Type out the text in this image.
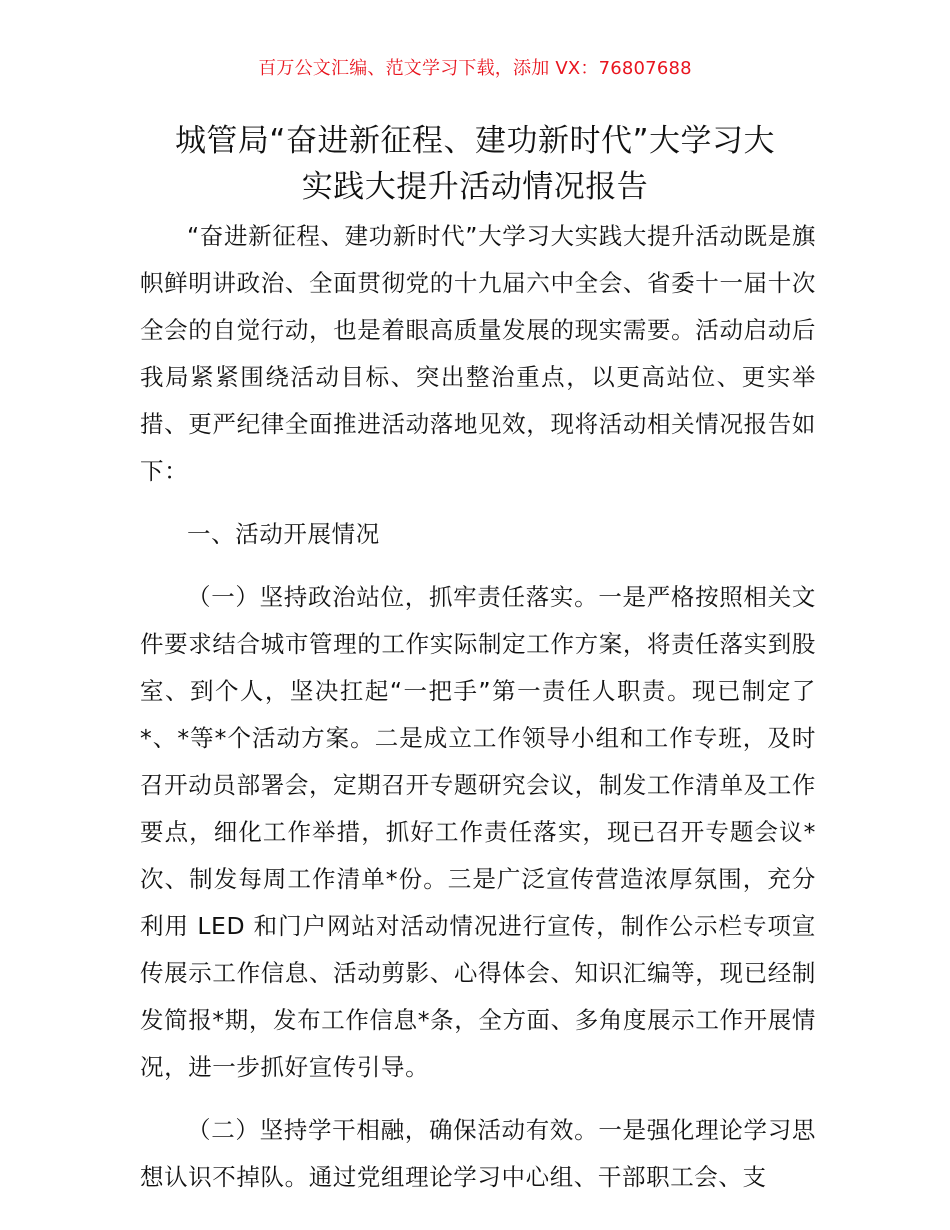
百万公文汇编、范文学习下载，添加 VX：76807688
城管局“奋进新征程、建功新时代”大学习大
实践大提升活动情况报告

“奋进新征程、建功新时代”大学习大实践大提升活动既是旗帜鲜明讲政治、全面贯彻党的十九届六中全会、省委十一届十次全会的自觉行动，也是着眼高质量发展的现实需要。活动启动后我局紧紧围绕活动目标、突出整治重点，以更高站位、更实举措、更严纪律全面推进活动落地见效，现将活动相关情况报告如下：

一、活动开展情况

（一）坚持政治站位，抓牢责任落实。一是严格按照相关文件要求结合城市管理的工作实际制定工作方案，将责任落实到股室、到个人，坚决扛起“一把手”第一责任人职责。现已制定了*、*等*个活动方案。二是成立工作领导小组和工作专班，及时召开动员部署会，定期召开专题研究会议，制发工作清单及工作要点，细化工作举措，抓好工作责任落实，现已召开专题会议*次、制发每周工作清单*份。三是广泛宣传营造浓厚氛围，充分利用 LED 和门户网站对活动情况进行宣传，制作公示栏专项宣传展示工作信息、活动剪影、心得体会、知识汇编等，现已经制发简报*期，发布工作信息*条，全方面、多角度展示工作开展情况，进一步抓好宣传引导。

（二）坚持学干相融，确保活动有效。一是强化理论学习思想认识不掉队。通过党组理论学习中心组、干部职工会、支
